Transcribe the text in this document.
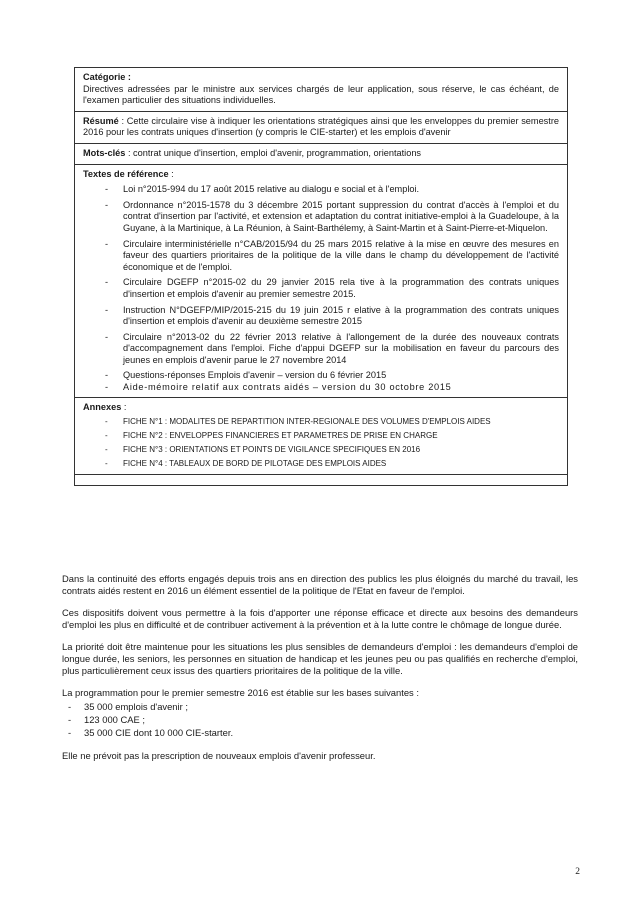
Catégorie :
Directives adressées par le ministre aux services chargés de leur application, sous réserve, le cas échéant, de l'examen particulier des situations individuelles.
Résumé : Cette circulaire vise à indiquer les orientations stratégiques ainsi que les enveloppes du premier semestre 2016 pour les contrats uniques d'insertion (y compris le CIE-starter) et les emplois d'avenir
Mots-clés : contrat unique d'insertion, emploi d'avenir, programmation, orientations
Textes de référence :
- Loi n°2015-994 du 17 août 2015 relative au dialogu e social et à l'emploi.
- Ordonnance n°2015-1578 du 3 décembre 2015 portant suppression du contrat d'accès à l'emploi et du contrat d'insertion par l'activité, et extension et adaptation du contrat initiative-emploi à la Guadeloupe, à la Guyane, à la Martinique, à La Réunion, à Saint-Barthélemy, à Saint-Martin et à Saint-Pierre-et-Miquelon.
- Circulaire interministérielle n°CAB/2015/94 du 25 mars 2015 relative à la mise en œuvre des mesures en faveur des quartiers prioritaires de la politique de la ville dans le champ du développement de l'activité économique et de l'emploi.
- Circulaire DGEFP n°2015-02 du 29 janvier 2015 rela tive à la programmation des contrats uniques d'insertion et emplois d'avenir au premier semestre 2015.
- Instruction N°DGEFP/MIP/2015-215 du 19 juin 2015 r elative à la programmation des contrats uniques d'insertion et emplois d'avenir au deuxième semestre 2015
- Circulaire n°2013-02 du 22 février 2013 relative à l'allongement de la durée des nouveaux contrats d'accompagnement dans l'emploi. Fiche d'appui DGEFP sur la mobilisation en faveur du parcours des jeunes en emplois d'avenir parue le 27 novembre 2014
- Questions-réponses Emplois d'avenir – version du 6 février 2015
- Aide-mémoire relatif aux contrats aidés – version du 30 octobre 2015
Annexes :
- FICHE N°1 : MODALITES DE REPARTITION INTER-REGIONALE DES VOLUMES D'EMPLOIS AIDES
- FICHE N°2 : ENVELOPPES FINANCIERES ET PARAMETRES DE PRISE EN CHARGE
- FICHE N°3 : ORIENTATIONS ET POINTS DE VIGILANCE SPECIFIQUES EN 2016
- FICHE N°4 : TABLEAUX DE BORD DE PILOTAGE DES EMPLOIS AIDES

Dans la continuité des efforts engagés depuis trois ans en direction des publics les plus éloignés du marché du travail, les contrats aidés restent en 2016 un élément essentiel de la politique de l'Etat en faveur de l'emploi.

Ces dispositifs doivent vous permettre à la fois d'apporter une réponse efficace et directe aux besoins des demandeurs d'emploi les plus en difficulté et de contribuer activement à la prévention et à la lutte contre le chômage de longue durée.

La priorité doit être maintenue pour les situations les plus sensibles de demandeurs d'emploi : les demandeurs d'emploi de longue durée, les seniors, les personnes en situation de handicap et les jeunes peu ou pas qualifiés en recherche d'emploi, plus particulièrement ceux issus des quartiers prioritaires de la politique de la ville.

La programmation pour le premier semestre 2016 est établie sur les bases suivantes :

- 35 000 emplois d'avenir ;
- 123 000 CAE ;
- 35 000 CIE dont 10 000 CIE-starter.

Elle ne prévoit pas la prescription de nouveaux emplois d'avenir professeur.

2
